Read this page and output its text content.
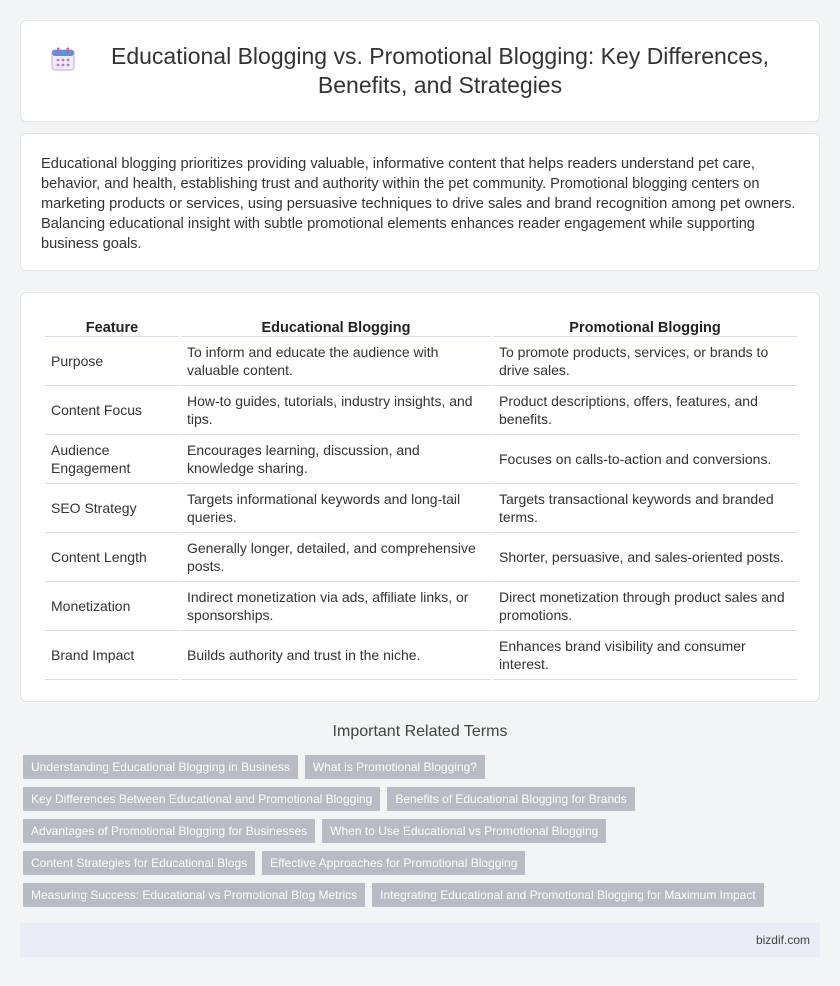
Educational Blogging vs. Promotional Blogging: Key Differences, Benefits, and Strategies

Educational blogging prioritizes providing valuable, informative content that helps readers understand pet care, behavior, and health, establishing trust and authority within the pet community. Promotional blogging centers on marketing products or services, using persuasive techniques to drive sales and brand recognition among pet owners. Balancing educational insight with subtle promotional elements enhances reader engagement while supporting business goals.

Feature	Educational Blogging	Promotional Blogging
Purpose	To inform and educate the audience with valuable content.	To promote products, services, or brands to drive sales.
Content Focus	How-to guides, tutorials, industry insights, and tips.	Product descriptions, offers, features, and benefits.
Audience Engagement	Encourages learning, discussion, and knowledge sharing.	Focuses on calls-to-action and conversions.
SEO Strategy	Targets informational keywords and long-tail queries.	Targets transactional keywords and branded terms.
Content Length	Generally longer, detailed, and comprehensive posts.	Shorter, persuasive, and sales-oriented posts.
Monetization	Indirect monetization via ads, affiliate links, or sponsorships.	Direct monetization through product sales and promotions.
Brand Impact	Builds authority and trust in the niche.	Enhances brand visibility and consumer interest.
Important Related Terms
Understanding Educational Blogging in Business	What is Promotional Blogging?
Key Differences Between Educational and Promotional Blogging	Benefits of Educational Blogging for Brands
Advantages of Promotional Blogging for Businesses	When to Use Educational vs Promotional Blogging
Content Strategies for Educational Blogs	Effective Approaches for Promotional Blogging
Measuring Success: Educational vs Promotional Blog Metrics	Integrating Educational and Promotional Blogging for Maximum Impact
bizdif.com
